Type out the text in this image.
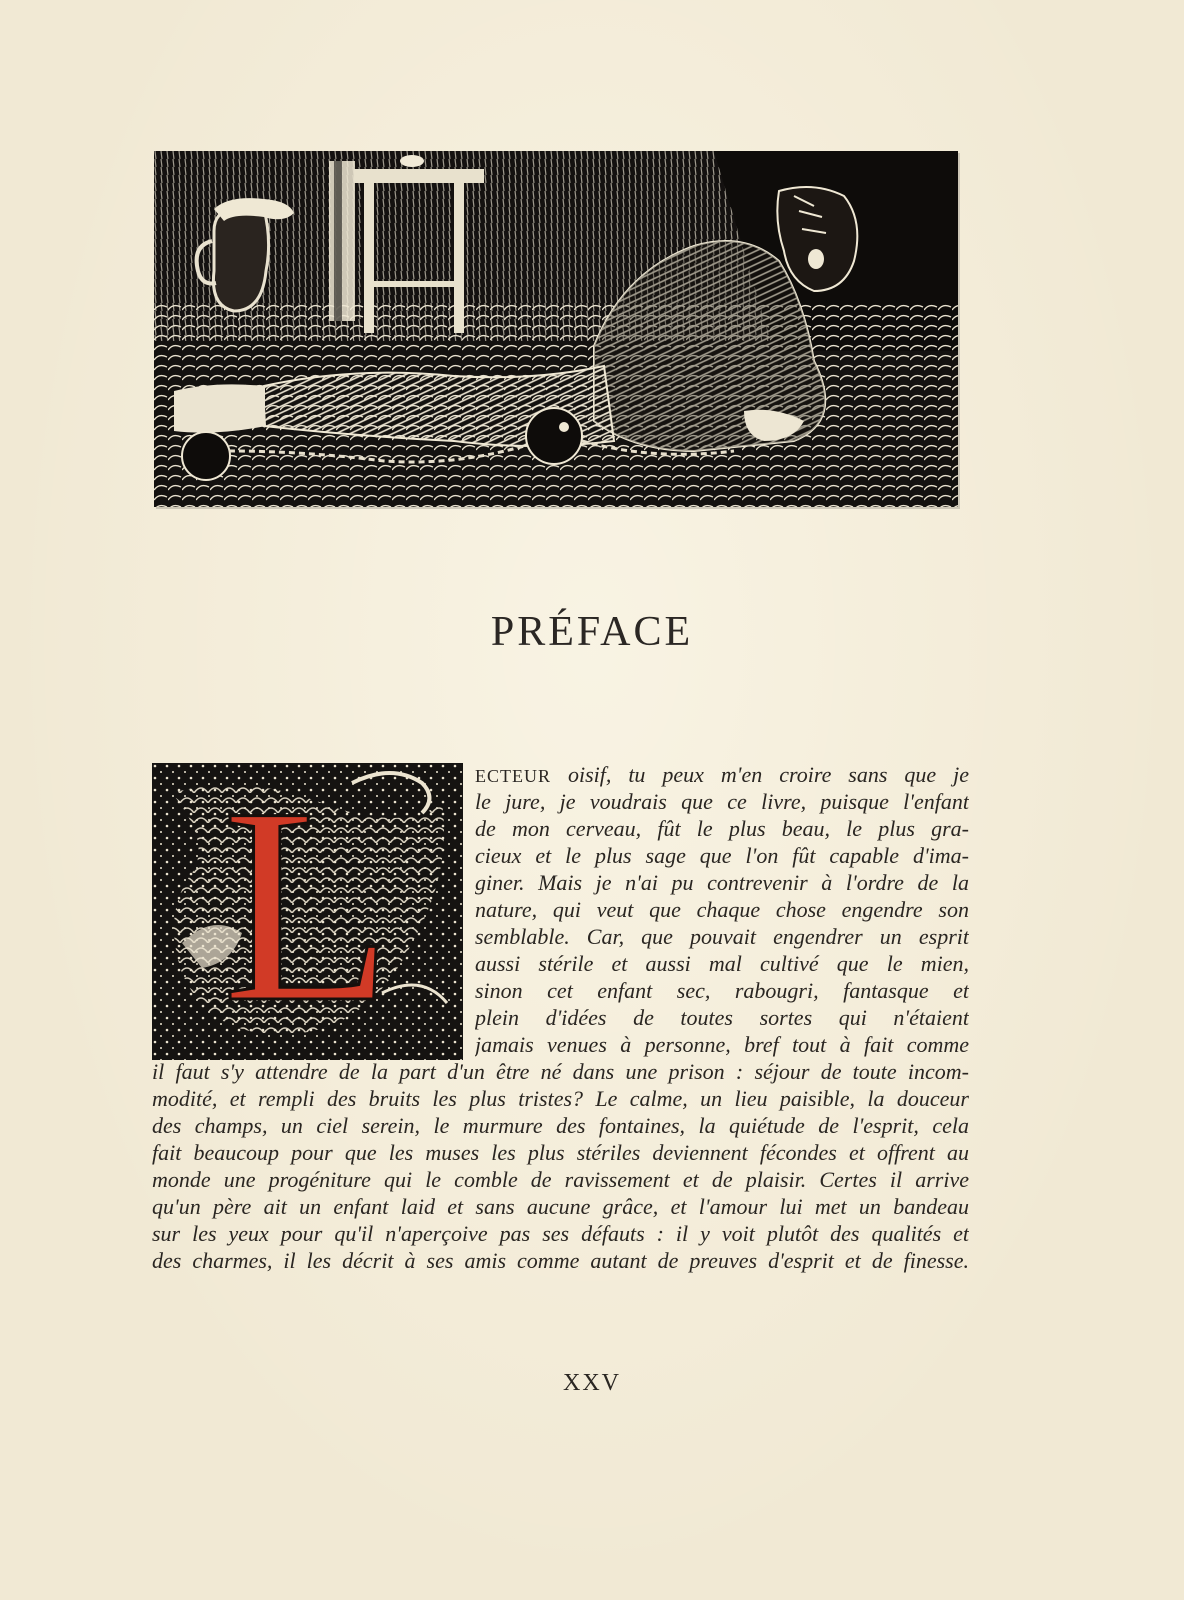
PRÉFACE
L	ECTEUR oisif, tu peux m'en croire sans que je
le jure, je voudrais que ce livre, puisque l'enfant
de mon cerveau, fût le plus beau, le plus gra-
cieux et le plus sage que l'on fût capable d'ima-
giner. Mais je n'ai pu contrevenir à l'ordre de la
nature, qui veut que chaque chose engendre son
semblable. Car, que pouvait engendrer un esprit
aussi stérile et aussi mal cultivé que le mien,
sinon cet enfant sec, rabougri, fantasque et
plein d'idées de toutes sortes qui n'étaient
jamais venues à personne, bref tout à fait comme
il faut s'y attendre de la part d'un être né dans une prison : séjour de toute incom-
modité, et rempli des bruits les plus tristes? Le calme, un lieu paisible, la douceur
des champs, un ciel serein, le murmure des fontaines, la quiétude de l'esprit, cela
fait beaucoup pour que les muses les plus stériles deviennent fécondes et offrent au
monde une progéniture qui le comble de ravissement et de plaisir. Certes il arrive
qu'un père ait un enfant laid et sans aucune grâce, et l'amour lui met un bandeau
sur les yeux pour qu'il n'aperçoive pas ses défauts : il y voit plutôt des qualités et
des charmes, il les décrit à ses amis comme autant de preuves d'esprit et de finesse.
XXV
